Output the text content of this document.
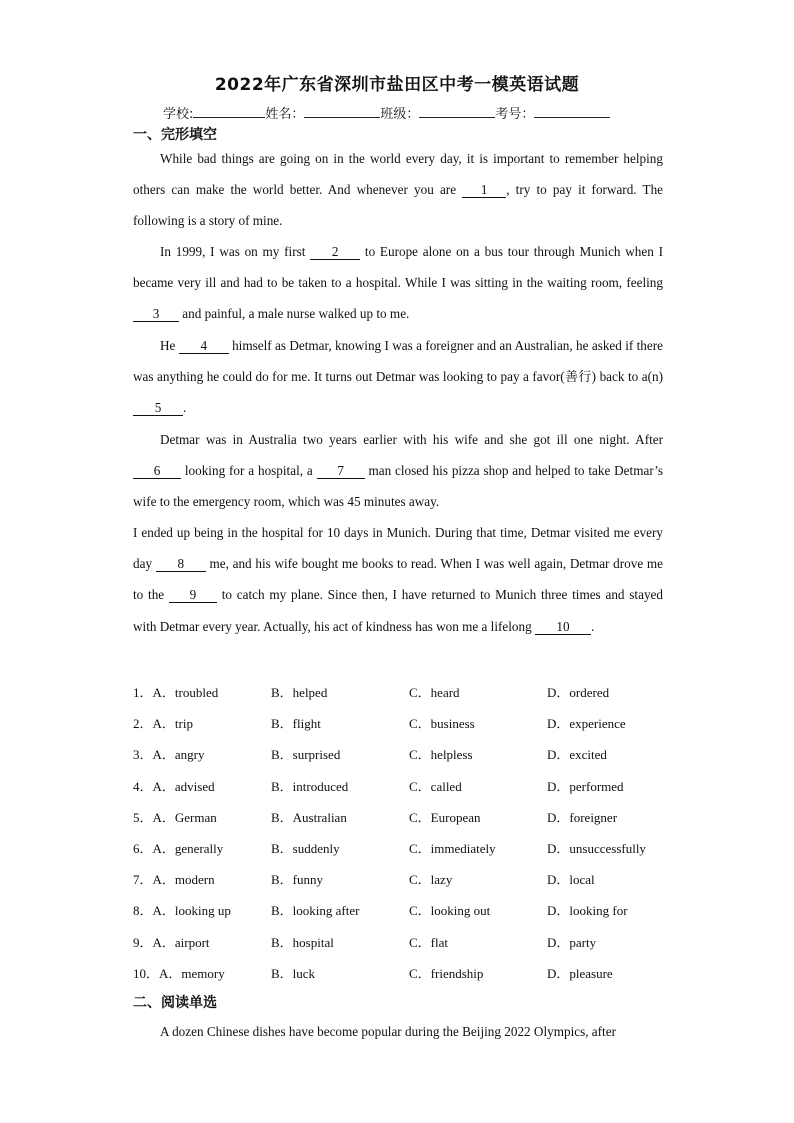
2022年广东省深圳市盐田区中考一模英语试题
学校:	姓名：	班级：	考号：
一、完形填空
While bad things are going on in the world every day, it is important to remember helping others can make the world better. And whenever you are 1 , try to pay it forward. The following is a story of mine.
In 1999, I was on my first 2 to Europe alone on a bus tour through Munich when I became very ill and had to be taken to a hospital. While I was sitting in the waiting room, feeling 3 and painful, a male nurse walked up to me.
He 4 himself as Detmar, knowing I was a foreigner and an Australian, he asked if there was anything he could do for me. It turns out Detmar was looking to pay a favor(善行) back to a(n) 5 .
Detmar was in Australia two years earlier with his wife and she got ill one night. After 6 looking for a hospital, a 7 man closed his pizza shop and helped to take Detmar’s wife to the emergency room, which was 45 minutes away.
I ended up being in the hospital for 10 days in Munich. During that time, Detmar visited me every day 8 me, and his wife bought me books to read. When I was well again, Detmar drove me to the 9 to catch my plane. Since then, I have returned to Munich three times and stayed with Detmar every year. Actually, his act of kindness has won me a lifelong 10 .
1．A．troubled	B．helped	C．heard	D．ordered
2．A．trip	B．flight	C．business	D．experience
3．A．angry	B．surprised	C．helpless	D．excited
4．A．advised	B．introduced	C．called	D．performed
5．A．German	B．Australian	C．European	D．foreigner
6．A．generally	B．suddenly	C．immediately	D．unsuccessfully
7．A．modern	B．funny	C．lazy	D．local
8．A．looking up	B．looking after	C．looking out	D．looking for
9．A．airport	B．hospital	C．flat	D．party
10．A．memory	B．luck	C．friendship	D．pleasure
二、阅读单选
A dozen Chinese dishes have become popular during the Beijing 2022 Olympics, after
